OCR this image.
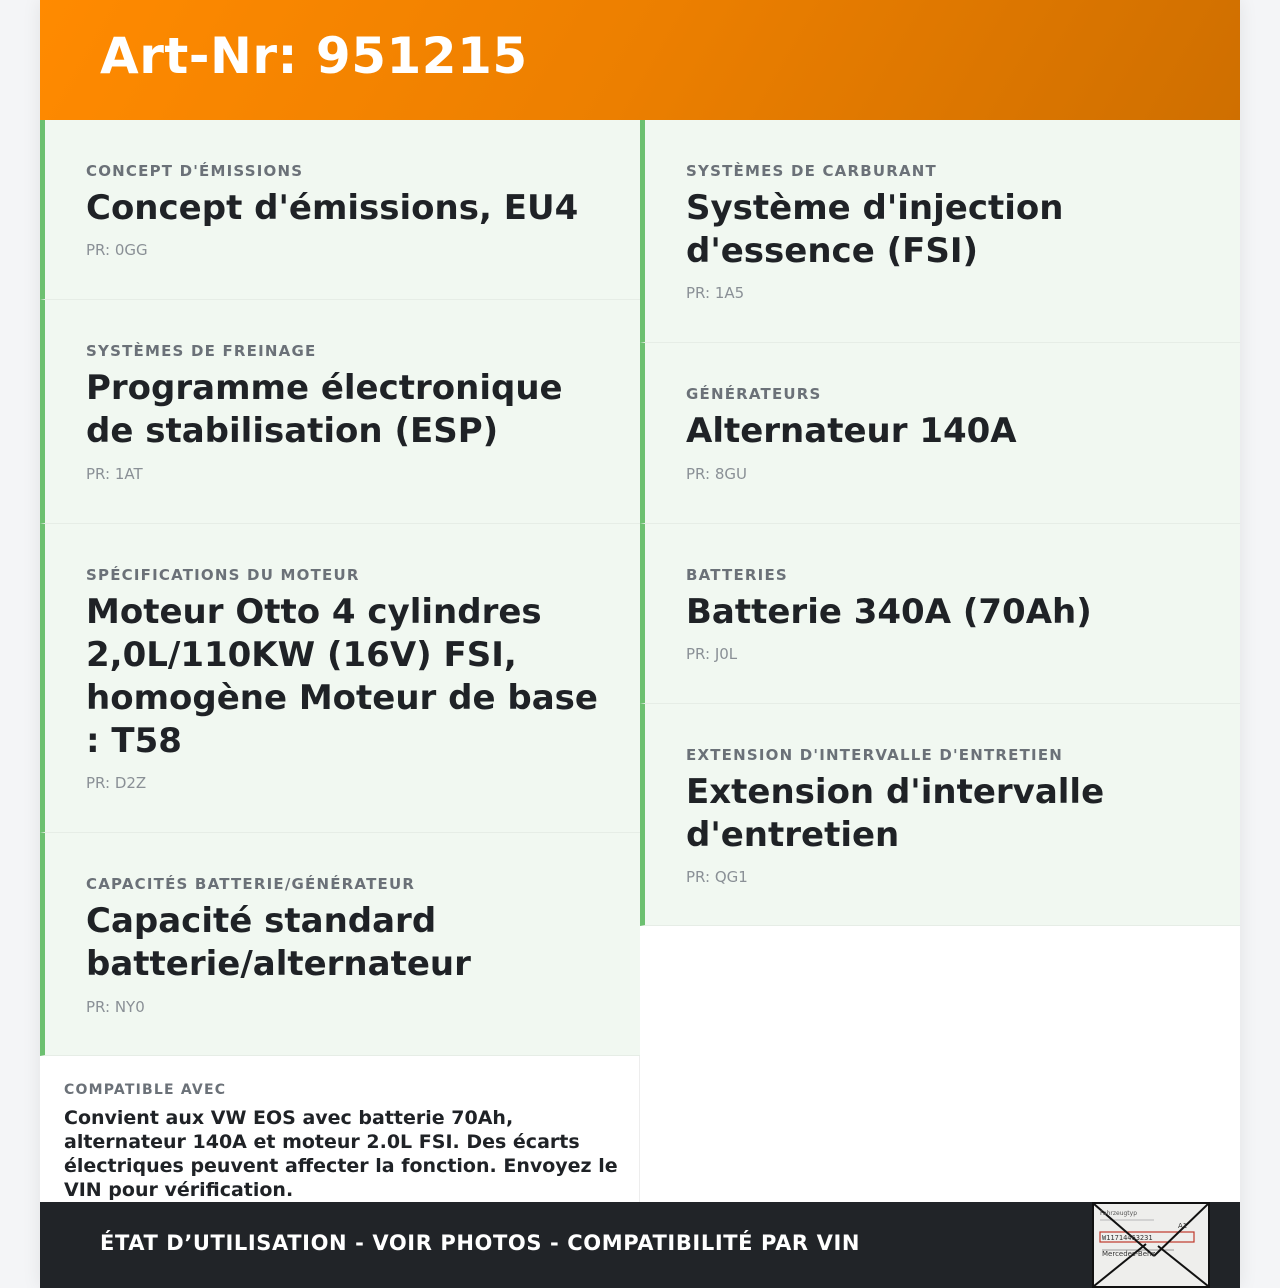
Art-Nr: 951215
CONCEPT D'ÉMISSIONS
Concept d'émissions, EU4
PR: 0GG
SYSTÈMES DE FREINAGE
Programme électronique de stabilisation (ESP)
PR: 1AT
SPÉCIFICATIONS DU MOTEUR
Moteur Otto 4 cylindres 2,0L/110KW (16V) FSI, homogène Moteur de base : T58
PR: D2Z
CAPACITÉS BATTERIE/GÉNÉRATEUR
Capacité standard batterie/alternateur
PR: NY0
SYSTÈMES DE CARBURANT
Système d'injection d'essence (FSI)
PR: 1A5
GÉNÉRATEURS
Alternateur 140A
PR: 8GU
BATTERIES
Batterie 340A (70Ah)
PR: J0L
EXTENSION D'INTERVALLE D'ENTRETIEN
Extension d'intervalle d'entretien
PR: QG1
COMPATIBLE AVEC
Convient aux VW EOS avec batterie 70Ah, alternateur 140A et moteur 2.0L FSI. Des écarts électriques peuvent affecter la fonction. Envoyez le VIN pour vérification.
ÉTAT D’UTILISATION - VOIR PHOTOS - COMPATIBILITÉ PAR VIN
Fahrzeugtyp
A1
W11714463231
Mercedes-Benz
